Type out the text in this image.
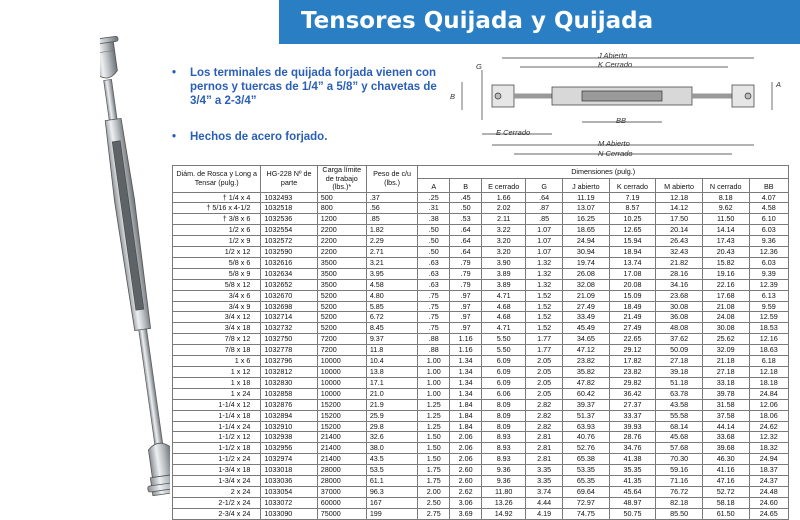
Tensores Quijada y Quijada
• Los terminales de quijada forjada vienen con pernos y tuercas de 1/4” a 5/8” y chavetas de 3/4” a 2-3/4”
• Hechos de acero forjado.
J Abierto
K Cerrado
G
A
B
E Cerrado
BB
M Abierto
N Cerrado
Diám. de Rosca y Long a Tensar (pulg.)	HG-228 Nº de parte	Carga límite de trabajo (lbs.)*	Peso de c/u (lbs.)	Dimensiones (pulg.)								
				A	B	E cerrado	G	J abierto	K cerrado	M abierto	N cerrado	BB
† 1/4 x 4	1032493	500	.37	.25	.45	1.66	.64	11.19	7.19	12.18	8.18	4.07
† 5/16 x 4-1/2	1032518	800	.56	.31	.50	2.02	.87	13.07	8.57	14.12	9.62	4.58
† 3/8 x 6	1032536	1200	.85	.38	.53	2.11	.85	16.25	10.25	17.50	11.50	6.10
1/2 x 6	1032554	2200	1.82	.50	.64	3.22	1.07	18.65	12.65	20.14	14.14	6.03
1/2 x 9	1032572	2200	2.29	.50	.64	3.20	1.07	24.94	15.94	26.43	17.43	9.36
1/2 x 12	1032590	2200	2.71	.50	.64	3.20	1.07	30.94	18.94	32.43	20.43	12.36
5/8 x 6	1032616	3500	3.21	.63	.79	3.90	1.32	19.74	13.74	21.82	15.82	6.03
5/8 x 9	1032634	3500	3.95	.63	.79	3.89	1.32	26.08	17.08	28.16	19.16	9.39
5/8 x 12	1032652	3500	4.58	.63	.79	3.89	1.32	32.08	20.08	34.16	22.16	12.39
3/4 x 6	1032670	5200	4.80	.75	.97	4.71	1.52	21.09	15.09	23.68	17.68	6.13
3/4 x 9	1032698	5200	5.85	.75	.97	4.68	1.52	27.49	18.49	30.08	21.08	9.59
3/4 x 12	1032714	5200	6.72	.75	.97	4.68	1.52	33.49	21.49	36.08	24.08	12.59
3/4 x 18	1032732	5200	8.45	.75	.97	4.71	1.52	45.49	27.49	48.08	30.08	18.53
7/8 x 12	1032750	7200	9.37	.88	1.16	5.50	1.77	34.65	22.65	37.62	25.62	12.16
7/8 x 18	1032778	7200	11.8	.88	1.16	5.50	1.77	47.12	29.12	50.09	32.09	18.63
1 x 6	1032796	10000	10.4	1.00	1.34	6.09	2.05	23.82	17.82	27.18	21.18	6.18
1 x 12	1032812	10000	13.8	1.00	1.34	6.09	2.05	35.82	23.82	39.18	27.18	12.18
1 x 18	1032830	10000	17.1	1.00	1.34	6.09	2.05	47.82	29.82	51.18	33.18	18.18
1 x 24	1032858	10000	21.0	1.00	1.34	6.06	2.05	60.42	36.42	63.78	39.78	24.84
1-1/4 x 12	1032876	15200	21.9	1.25	1.84	8.09	2.82	39.37	27.37	43.58	31.58	12.06
1-1/4 x 18	1032894	15200	25.9	1.25	1.84	8.09	2.82	51.37	33.37	55.58	37.58	18.06
1-1/4 x 24	1032910	15200	29.8	1.25	1.84	8.09	2.82	63.93	39.93	68.14	44.14	24.62
1-1/2 x 12	1032938	21400	32.6	1.50	2.06	8.93	2.81	40.76	28.76	45.68	33.68	12.32
1-1/2 x 18	1032956	21400	38.0	1.50	2.06	8.93	2.81	52.76	34.76	57.68	39.68	18.32
1-1/2 x 24	1032974	21400	43.5	1.50	2.06	8.93	2.81	65.38	41.38	70.30	46.30	24.94
1-3/4 x 18	1033018	28000	53.5	1.75	2.60	9.36	3.35	53.35	35.35	59.16	41.16	18.37
1-3/4 x 24	1033036	28000	61.1	1.75	2.60	9.36	3.35	65.35	41.35	71.16	47.16	24.37
2 x 24	1033054	37000	96.3	2.00	2.62	11.80	3.74	69.64	45.64	76.72	52.72	24.48
2-1/2 x 24	1033072	60000	167	2.50	3.06	13.26	4.44	72.97	48.97	82.18	58.18	24.60
2-3/4 x 24	1033090	75000	199	2.75	3.69	14.92	4.19	74.75	50.75	85.50	61.50	24.65
